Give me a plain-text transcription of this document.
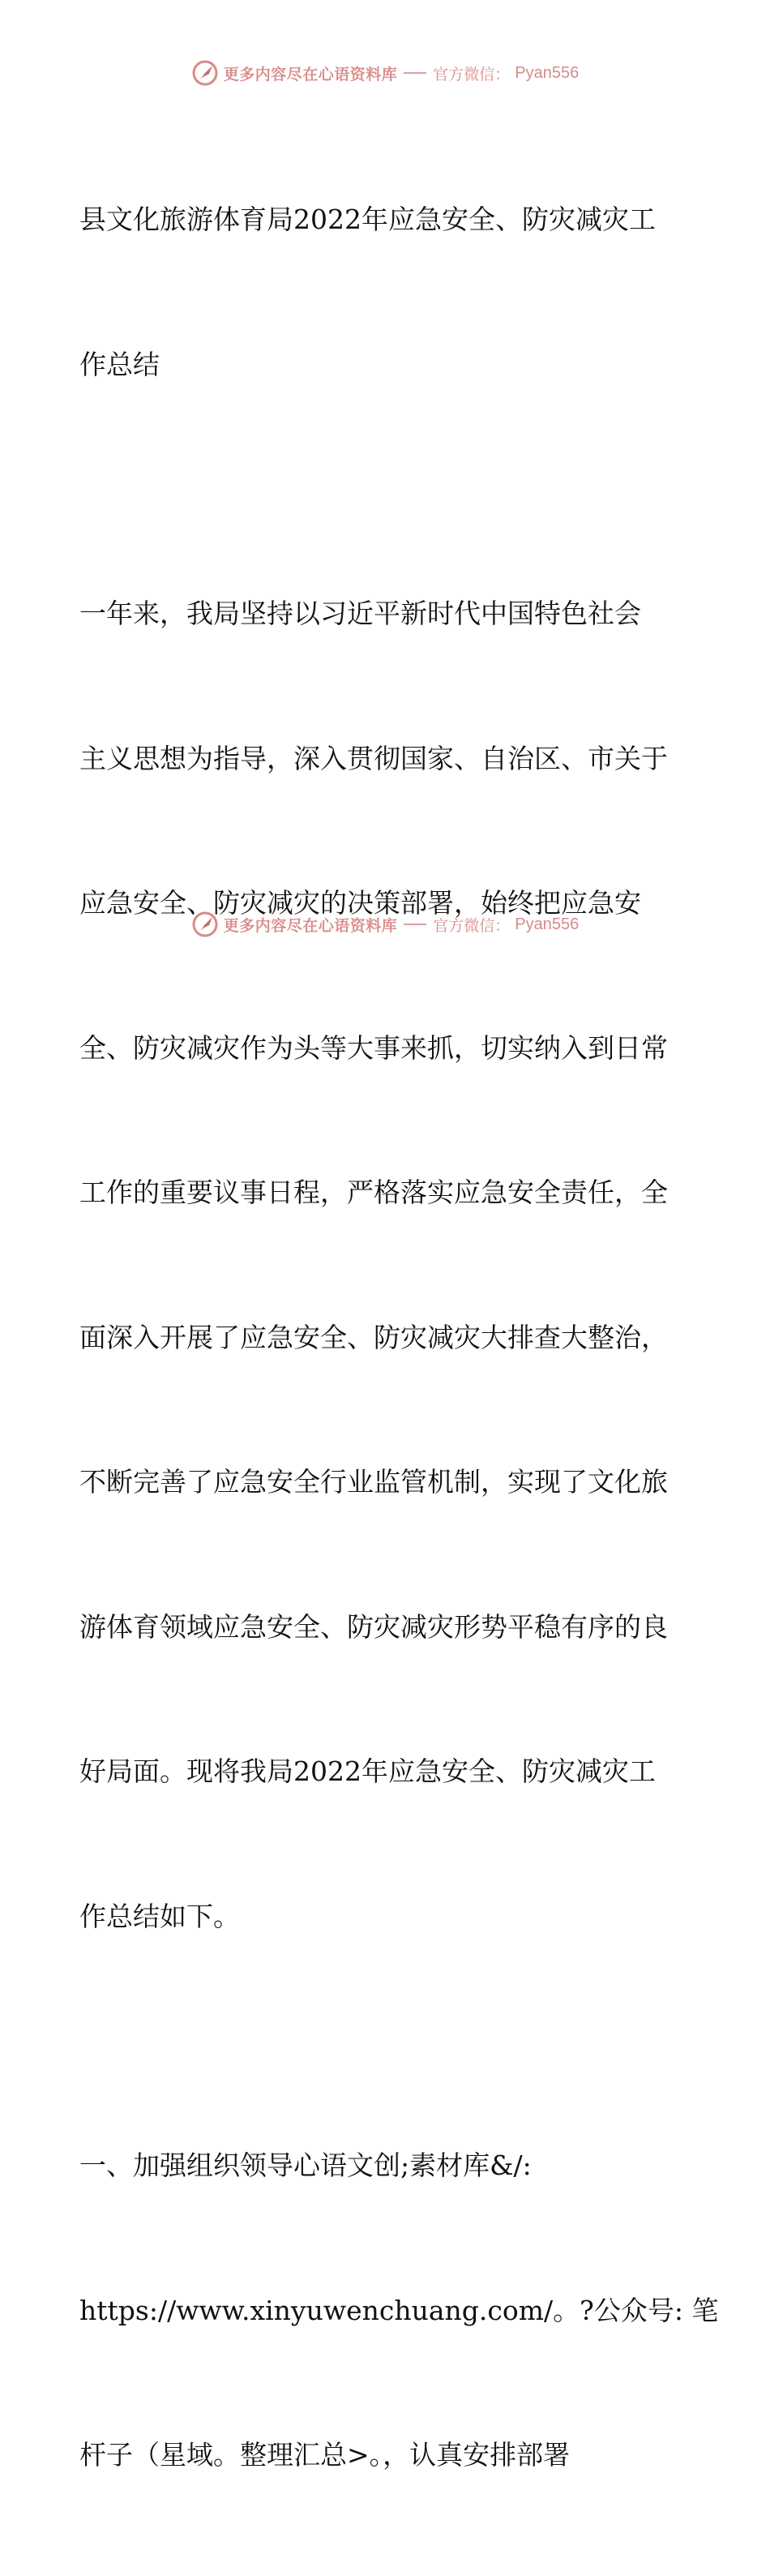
更多内容尽在心语资料库 官方微信： Pyan556

县文化旅游体育局2022年应急安全、防灾减灾工

作总结

一年来，我局坚持以习近平新时代中国特色社会

主义思想为指导，深入贯彻国家、自治区、市关于

应急安全、防灾减灾的决策部署，始终把应急安

全、防灾减灾作为头等大事来抓，切实纳入到日常

工作的重要议事日程，严格落实应急安全责任，全

面深入开展了应急安全、防灾减灾大排查大整治，

不断完善了应急安全行业监管机制，实现了文化旅

游体育领域应急安全、防灾减灾形势平稳有序的良

好局面。现将我局2022年应急安全、防灾减灾工

作总结如下。

一、加强组织领导心语文创;素材库&/:

https://www.xinyuwenchuang.com/。?公众号: 笔

杆子（星域。整理汇总>。，认真安排部署

更多内容尽在心语资料库 官方微信： Pyan556
